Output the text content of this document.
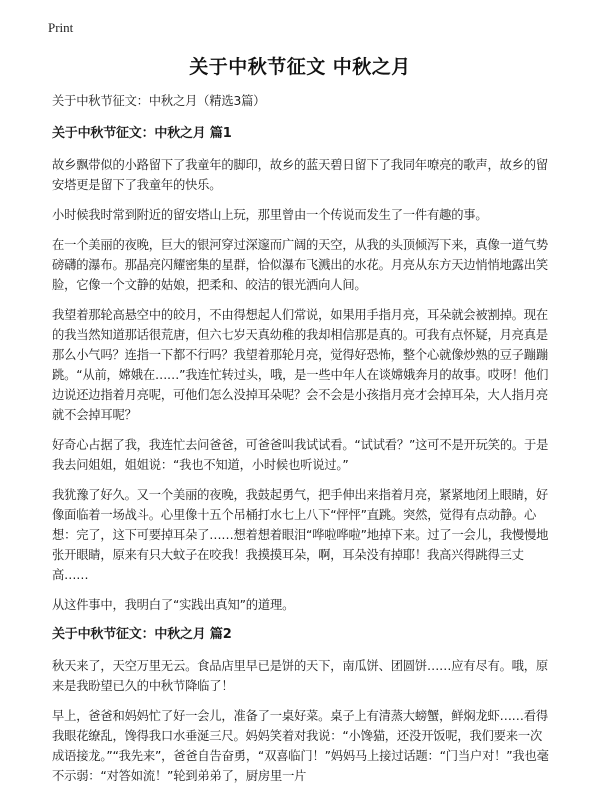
Print
关于中秋节征文 中秋之月

关于中秋节征文：中秋之月（精选3篇）

关于中秋节征文：中秋之月 篇1

故乡飘带似的小路留下了我童年的脚印，故乡的蓝天碧日留下了我同年嘹亮的歌声，故乡的留安塔更是留下了我童年的快乐。

小时候我时常到附近的留安塔山上玩，那里曾由一个传说而发生了一件有趣的事。

在一个美丽的夜晚，巨大的银河穿过深邃而广阔的天空，从我的头顶倾泻下来，真像一道气势磅礴的瀑布。那晶亮闪耀密集的星群，恰似瀑布飞溅出的水花。月亮从东方天边悄悄地露出笑脸，它像一个文静的姑娘，把柔和、皎洁的银光洒向人间。

我望着那轮高悬空中的皎月，不由得想起人们常说，如果用手指月亮，耳朵就会被割掉。现在的我当然知道那话很荒唐，但六七岁天真幼稚的我却相信那是真的。可我有点怀疑，月亮真是那么小气吗？连指一下都不行吗？我望着那轮月亮，觉得好恐怖，整个心就像炒熟的豆子蹦蹦跳。“从前，嫦娥在……”我连忙转过头，哦，是一些中年人在谈嫦娥奔月的故事。哎呀！他们边说还边指着月亮呢，可他们怎么没掉耳朵呢？会不会是小孩指月亮才会掉耳朵，大人指月亮就不会掉耳呢？

好奇心占据了我，我连忙去问爸爸，可爸爸叫我试试看。“试试看？”这可不是开玩笑的。于是我去问姐姐，姐姐说：“我也不知道，小时候也听说过。”

我犹豫了好久。又一个美丽的夜晚，我鼓起勇气，把手伸出来指着月亮，紧紧地闭上眼睛，好像面临着一场战斗。心里像十五个吊桶打水七上八下“怦怦”直跳。突然，觉得有点动静。心想：完了，这下可要掉耳朵了……想着想着眼泪“哗啦哗啦”地掉下来。过了一会儿，我慢慢地张开眼睛，原来有只大蚊子在咬我！我摸摸耳朵，啊，耳朵没有掉耶！我高兴得跳得三丈高……

从这件事中，我明白了“实践出真知”的道理。

关于中秋节征文：中秋之月 篇2

秋天来了，天空万里无云。食品店里早已是饼的天下，南瓜饼、团圆饼……应有尽有。哦，原来是我盼望已久的中秋节降临了！

早上，爸爸和妈妈忙了好一会儿，准备了一桌好菜。桌子上有清蒸大螃蟹，鲜焖龙虾……看得我眼花缭乱，馋得我口水垂涎三尺。妈妈笑着对我说：“小馋猫，还没开饭呢，我们要来一次成语接龙。”“我先来”，爸爸自告奋勇，“双喜临门！”妈妈马上接过话题：“门当户对！”我也毫不示弱：“对答如流！”轮到弟弟了，厨房里一片
